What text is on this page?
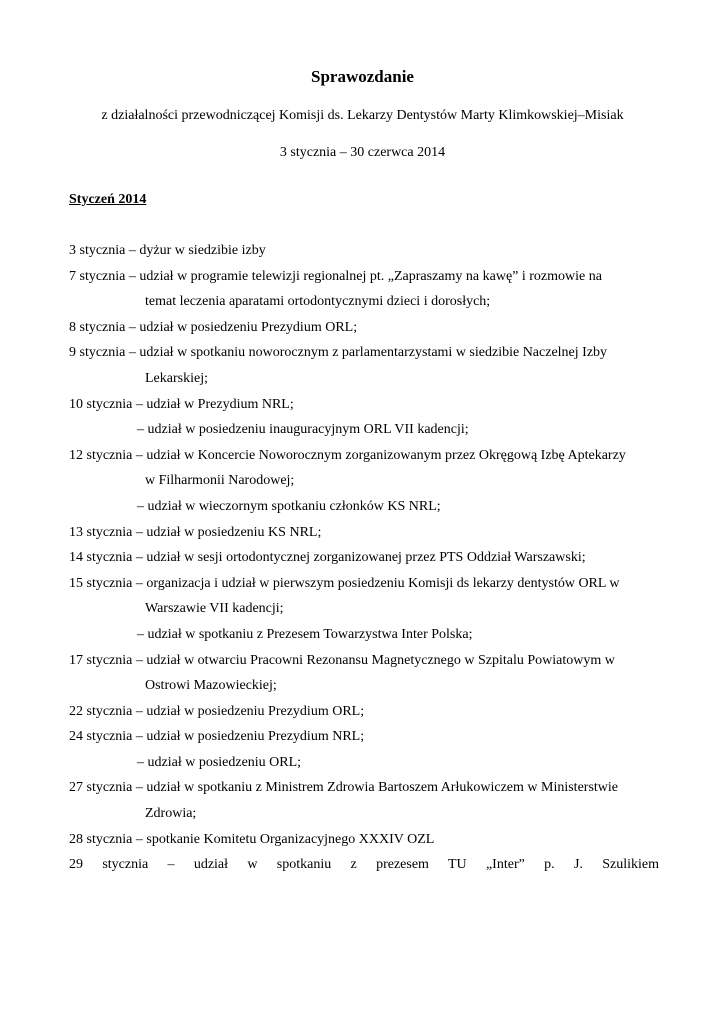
Sprawozdanie
z działalności przewodniczącej Komisji ds. Lekarzy Dentystów Marty Klimkowskiej–Misiak
3 stycznia – 30 czerwca 2014
Styczeń 2014
3 stycznia – dyżur w siedzibie izby
7 stycznia – udział w programie telewizji regionalnej pt. „Zapraszamy na kawę” i rozmowie na
temat leczenia aparatami ortodontycznymi dzieci i dorosłych;
8 stycznia – udział w posiedzeniu Prezydium ORL;
9 stycznia – udział w spotkaniu noworocznym z parlamentarzystami w siedzibie Naczelnej Izby
Lekarskiej;
10 stycznia – udział w Prezydium NRL;
– udział w posiedzeniu inauguracyjnym ORL VII kadencji;
12 stycznia – udział w Koncercie Noworocznym zorganizowanym przez Okręgową Izbę Aptekarzy
w Filharmonii Narodowej;
– udział w wieczornym spotkaniu członków KS NRL;
13 stycznia – udział w posiedzeniu KS NRL;
14 stycznia – udział w sesji ortodontycznej zorganizowanej przez PTS Oddział Warszawski;
15 stycznia – organizacja i udział w pierwszym posiedzeniu Komisji ds lekarzy dentystów ORL w
Warszawie VII kadencji;
– udział w spotkaniu z Prezesem Towarzystwa Inter Polska;
17 stycznia – udział w otwarciu Pracowni Rezonansu Magnetycznego w Szpitalu Powiatowym w
Ostrowi Mazowieckiej;
22 stycznia – udział w posiedzeniu Prezydium ORL;
24 stycznia – udział w posiedzeniu Prezydium NRL;
– udział w posiedzeniu ORL;
27 stycznia – udział w spotkaniu z Ministrem Zdrowia Bartoszem Arłukowiczem w Ministerstwie
Zdrowia;
28 stycznia – spotkanie Komitetu Organizacyjnego XXXIV OZL
29 stycznia – udział w spotkaniu z prezesem TU „Inter” p. J. Szulikiem
